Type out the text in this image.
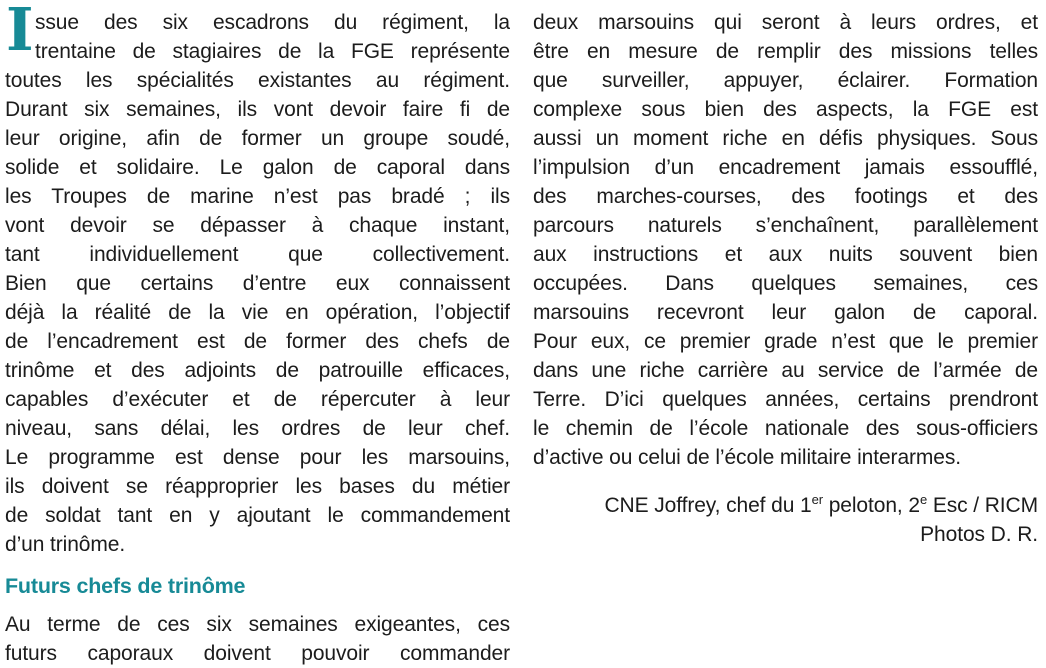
I ssue des six escadrons du régiment, la
trentaine de stagiaires de la FGE représente
toutes les spécialités existantes au régiment.
Durant six semaines, ils vont devoir faire fi de
leur origine, afin de former un groupe soudé,
solide et solidaire. Le galon de caporal dans
les Troupes de marine n’est pas bradé ; ils
vont devoir se dépasser à chaque instant,
tant individuellement que collectivement.
Bien que certains d’entre eux connaissent
déjà la réalité de la vie en opération, l’objectif
de l’encadrement est de former des chefs de
trinôme et des adjoints de patrouille efficaces,
capables d’exécuter et de répercuter à leur
niveau, sans délai, les ordres de leur chef.
Le programme est dense pour les marsouins,
ils doivent se réapproprier les bases du métier
de soldat tant en y ajoutant le commandement
d’un trinôme.
Futurs chefs de trinôme
Au terme de ces six semaines exigeantes, ces
futurs caporaux doivent pouvoir commander
deux marsouins qui seront à leurs ordres, et
être en mesure de remplir des missions telles
que surveiller, appuyer, éclairer. Formation
complexe sous bien des aspects, la FGE est
aussi un moment riche en défis physiques. Sous
l’impulsion d’un encadrement jamais essoufflé,
des marches-courses, des footings et des
parcours naturels s’enchaînent, parallèlement
aux instructions et aux nuits souvent bien
occupées. Dans quelques semaines, ces
marsouins recevront leur galon de caporal.
Pour eux, ce premier grade n’est que le premier
dans une riche carrière au service de l’armée de
Terre. D’ici quelques années, certains prendront
le chemin de l’école nationale des sous-officiers
d’active ou celui de l’école militaire interarmes.
CNE Joffrey, chef du 1er peloton, 2e Esc / RICM
Photos D. R.
